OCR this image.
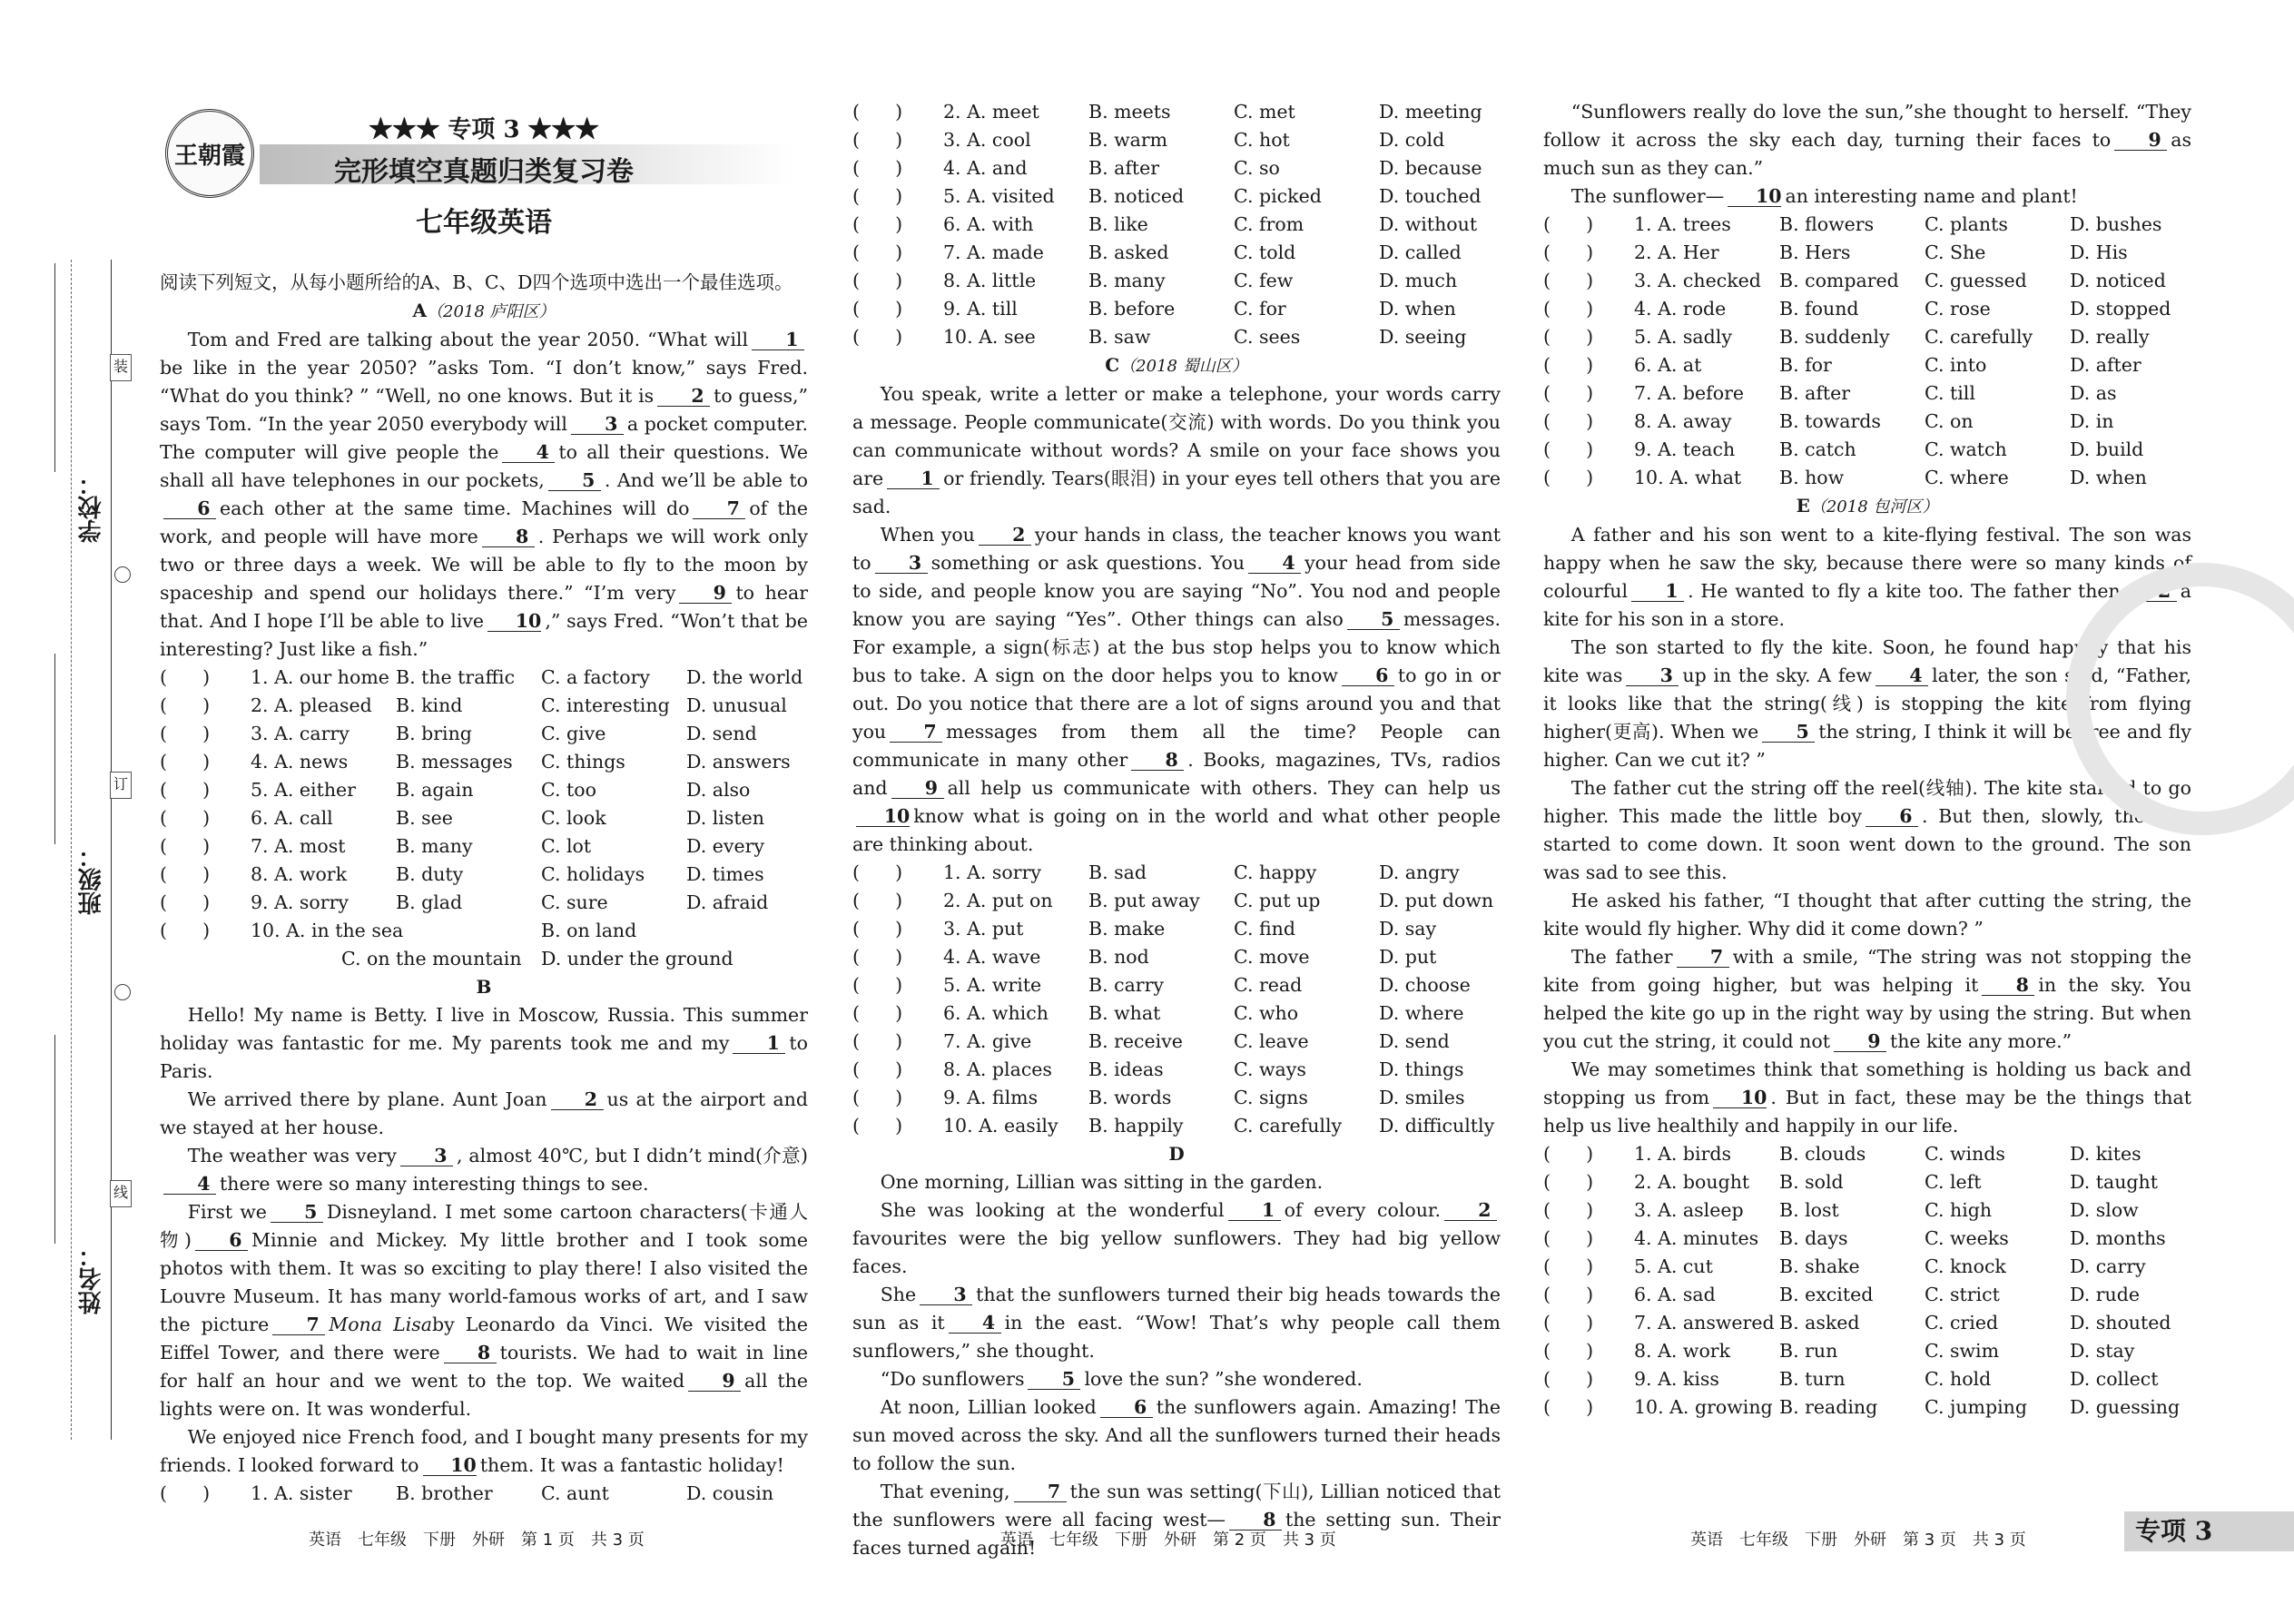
学校：
班级：
姓名：
装
订
线
王朝霞
★★★ 专项 3 ★★★
完形填空真题归类复习卷
七年级英语
阅读下列短文，从每小题所给的A、B、C、D四个选项中选出一个最佳选项。
A（2018 庐阳区）

Tom and Fred are talking about the year 2050. “What will 1be like in the year 2050? ”asks Tom. “I don’t know,” says Fred. “What do you think? ” “Well, no one knows. But it is 2 to guess,” says Tom. “In the year 2050 everybody will 3 a pocket computer. The computer will give people the 4 to all their questions. We shall all have telephones in our pockets, 5 . And we’ll be able to6 each other at the same time. Machines will do 7 of the work, and people will have more 8 . Perhaps we will work only two or three days a week. We will be able to fly to the moon by spaceship and spend our holidays there.” “I’m very 9 to hear that. And I hope I’ll be able to live 10 ,” says Fred. “Won’t that be interesting? Just like a fish.”

(      )	1. A. our home B. the traffic	C. a factory	D. the world
(      )	2. A. pleased	B. kind	C. interesting D. unusual
(      )	3. A. carry	B. bring	C. give	D. send
(      )	4. A. news	B. messages	C. things	D. answers
(      )	5. A. either	B. again	C. too	D. also
(      )	6. A. call	B. see	C. look	D. listen
(      )	7. A. most	B. many	C. lot	D. every
(      )	8. A. work	B. duty	C. holidays	D. times
(      )	9. A. sorry	B. glad	C. sure	D. afraid
(      )	10. A. in the sea	B. on land
C. on the mountain	D. under the ground
B

Hello! My name is Betty. I live in Moscow, Russia. This summer holiday was fantastic for me. My parents took me and my 1 to Paris.

We arrived there by plane. Aunt Joan 2 us at the airport and we stayed at her house.

The weather was very 3 , almost 40℃, but I didn’t mind(介意)4 there were so many interesting things to see.

First we 5 Disneyland. I met some cartoon characters(卡通人物) 6 Minnie and Mickey. My little brother and I took some photos with them. It was so exciting to play there! I also visited the Louvre Museum. It has many world-famous works of art, and I saw the picture 7 Mona Lisaby Leonardo da Vinci. We visited the Eiffel Tower, and there were 8 tourists. We had to wait in line for half an hour and we went to the top. We waited 9 all the lights were on. It was wonderful.

We enjoyed nice French food, and I bought many presents for my friends. I looked forward to 10 them. It was a fantastic holiday!

(      )	1. A. sister	B. brother	C. aunt	D. cousin
(      )	2. A. meet	B. meets	C. met	D. meeting
(      )	3. A. cool	B. warm	C. hot	D. cold
(      )	4. A. and	B. after	C. so	D. because
(      )	5. A. visited	B. noticed	C. picked	D. touched
(      )	6. A. with	B. like	C. from	D. without
(      )	7. A. made	B. asked	C. told	D. called
(      )	8. A. little	B. many	C. few	D. much
(      )	9. A. till	B. before	C. for	D. when
(      )	10. A. see	B. saw	C. sees	D. seeing
C（2018 蜀山区）

You speak, write a letter or make a telephone, your words carry a message. People communicate(交流) with words. Do you think you can communicate without words? A smile on your face shows you are 1 or friendly. Tears(眼泪) in your eyes tell others that you are sad.

When you 2 your hands in class, the teacher knows you want to 3 something or ask questions. You 4 your head from side to side, and people know you are saying “No”. You nod and people know you are saying “Yes”. Other things can also 5 messages. For example, a sign(标志) at the bus stop helps you to know which bus to take. A sign on the door helps you to know 6 to go in or out. Do you notice that there are a lot of signs around you and that you 7 messages from them all the time? People can communicate in many other 8 . Books, magazines, TVs, radios and 9 all help us communicate with others. They can help us10 know what is going on in the world and what other people are thinking about.

(      )	1. A. sorry	B. sad	C. happy	D. angry
(      )	2. A. put on	B. put away	C. put up	D. put down
(      )	3. A. put	B. make	C. find	D. say
(      )	4. A. wave	B. nod	C. move	D. put
(      )	5. A. write	B. carry	C. read	D. choose
(      )	6. A. which	B. what	C. who	D. where
(      )	7. A. give	B. receive	C. leave	D. send
(      )	8. A. places	B. ideas	C. ways	D. things
(      )	9. A. films	B. words	C. signs	D. smiles
(      )	10. A. easily	B. happily	C. carefully	D. difficultly
D

One morning, Lillian was sitting in the garden.

She was looking at the wonderful 1 of every colour. 2favourites were the big yellow sunflowers. They had big yellow faces.

She 3 that the sunflowers turned their big heads towards the sun as it 4 in the east. “Wow! That’s why people call them sunflowers,” she thought.

“Do sunflowers 5 love the sun? ”she wondered.

At noon, Lillian looked 6 the sunflowers again. Amazing! The sun moved across the sky. And all the sunflowers turned their heads to follow the sun.

That evening, 7 the sun was setting(下山), Lillian noticed that the sunflowers were all facing west— 8 the setting sun. Their faces turned again!

“Sunflowers really do love the sun,”she thought to herself. “They follow it across the sky each day, turning their faces to 9 as much sun as they can.”

The sunflower— 10 an interesting name and plant!

(      )	1. A. trees	B. flowers	C. plants	D. bushes
(      )	2. A. Her	B. Hers	C. She	D. His
(      )	3. A. checked B. compared	C. guessed	D. noticed
(      )	4. A. rode	B. found	C. rose	D. stopped
(      )	5. A. sadly	B. suddenly	C. carefully	D. really
(      )	6. A. at	B. for	C. into	D. after
(      )	7. A. before	B. after	C. till	D. as
(      )	8. A. away	B. towards	C. on	D. in
(      )	9. A. teach	B. catch	C. watch	D. build
(      )	10. A. what	B. how	C. where	D. when
E（2018 包河区）

A father and his son went to a kite-flying festival. The son was happy when he saw the sky, because there were so many kinds of colourful 1 . He wanted to fly a kite too. The father then 2 a kite for his son in a store.

The son started to fly the kite. Soon, he found happily that his kite was 3 up in the sky. A few 4 later, the son said, “Father, it looks like that the string(线) is stopping the kite from flying higher(更高). When we 5 the string, I think it will be free and fly higher. Can we cut it? ”

The father cut the string off the reel(线轴). The kite started to go higher. This made the little boy 6 . But then, slowly, the kite started to come down. It soon went down to the ground. The son was sad to see this.

He asked his father, “I thought that after cutting the string, the kite would fly higher. Why did it come down? ”

The father 7 with a smile, “The string was not stopping the kite from going higher, but was helping it 8 in the sky. You helped the kite go up in the right way by using the string. But when you cut the string, it could not 9 the kite any more.”

We may sometimes think that something is holding us back and stopping us from 10 . But in fact, these may be the things that help us live healthily and happily in our life.

(      )	1. A. birds	B. clouds	C. winds	D. kites
(      )	2. A. bought	B. sold	C. left	D. taught
(      )	3. A. asleep	B. lost	C. high	D. slow
(      )	4. A. minutes	B. days	C. weeks	D. months
(      )	5. A. cut	B. shake	C. knock	D. carry
(      )	6. A. sad	B. excited	C. strict	D. rude
(      )	7. A. answered B. asked	C. cried	D. shouted
(      )	8. A. work	B. run	C. swim	D. stay
(      )	9. A. kiss	B. turn	C. hold	D. collect
(      )	10. A. growing B. reading	C. jumping	D. guessing
英语　七年级　下册　外研　第 1 页　共 3 页	英语　七年级　下册　外研　第 2 页　共 3 页	英语　七年级　下册　外研　第 3 页　共 3 页	专项 3
